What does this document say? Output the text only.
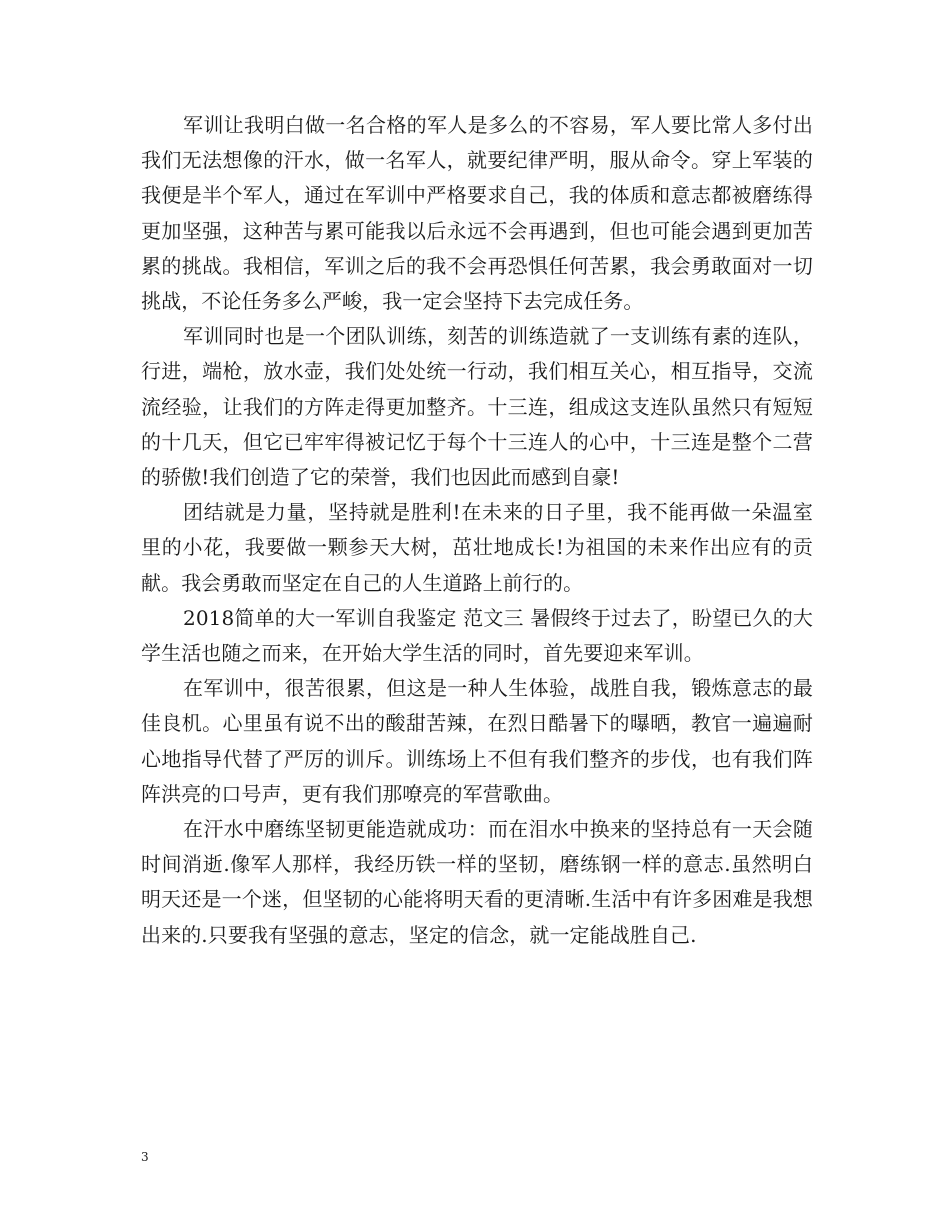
军训让我明白做一名合格的军人是多么的不容易，军人要比常人多付出我们无法想像的汗水，做一名军人，就要纪律严明，服从命令。穿上军装的我便是半个军人，通过在军训中严格要求自己，我的体质和意志都被磨练得更加坚强，这种苦与累可能我以后永远不会再遇到，但也可能会遇到更加苦累的挑战。我相信，军训之后的我不会再恐惧任何苦累，我会勇敢面对一切挑战，不论任务多么严峻，我一定会坚持下去完成任务。

军训同时也是一个团队训练，刻苦的训练造就了一支训练有素的连队，行进，端枪，放水壶，我们处处统一行动，我们相互关心，相互指导，交流流经验，让我们的方阵走得更加整齐。十三连，组成这支连队虽然只有短短的十几天，但它已牢牢得被记忆于每个十三连人的心中，十三连是整个二营的骄傲!我们创造了它的荣誉，我们也因此而感到自豪!

团结就是力量，坚持就是胜利!在未来的日子里，我不能再做一朵温室里的小花，我要做一颗参天大树，茁壮地成长!为祖国的未来作出应有的贡献。我会勇敢而坚定在自己的人生道路上前行的。

2018简单的大一军训自我鉴定 范文三 暑假终于过去了，盼望已久的大学生活也随之而来，在开始大学生活的同时，首先要迎来军训。

在军训中，很苦很累，但这是一种人生体验，战胜自我，锻炼意志的最佳良机。心里虽有说不出的酸甜苦辣，在烈日酷暑下的曝晒，教官一遍遍耐心地指导代替了严厉的训斥。训练场上不但有我们整齐的步伐，也有我们阵阵洪亮的口号声，更有我们那嘹亮的军营歌曲。

在汗水中磨练坚韧更能造就成功：而在泪水中换来的坚持总有一天会随时间消逝.像军人那样，我经历铁一样的坚韧，磨练钢一样的意志.虽然明白明天还是一个迷，但坚韧的心能将明天看的更清晰.生活中有许多困难是我想出来的.只要我有坚强的意志，坚定的信念，就一定能战胜自己.

3
